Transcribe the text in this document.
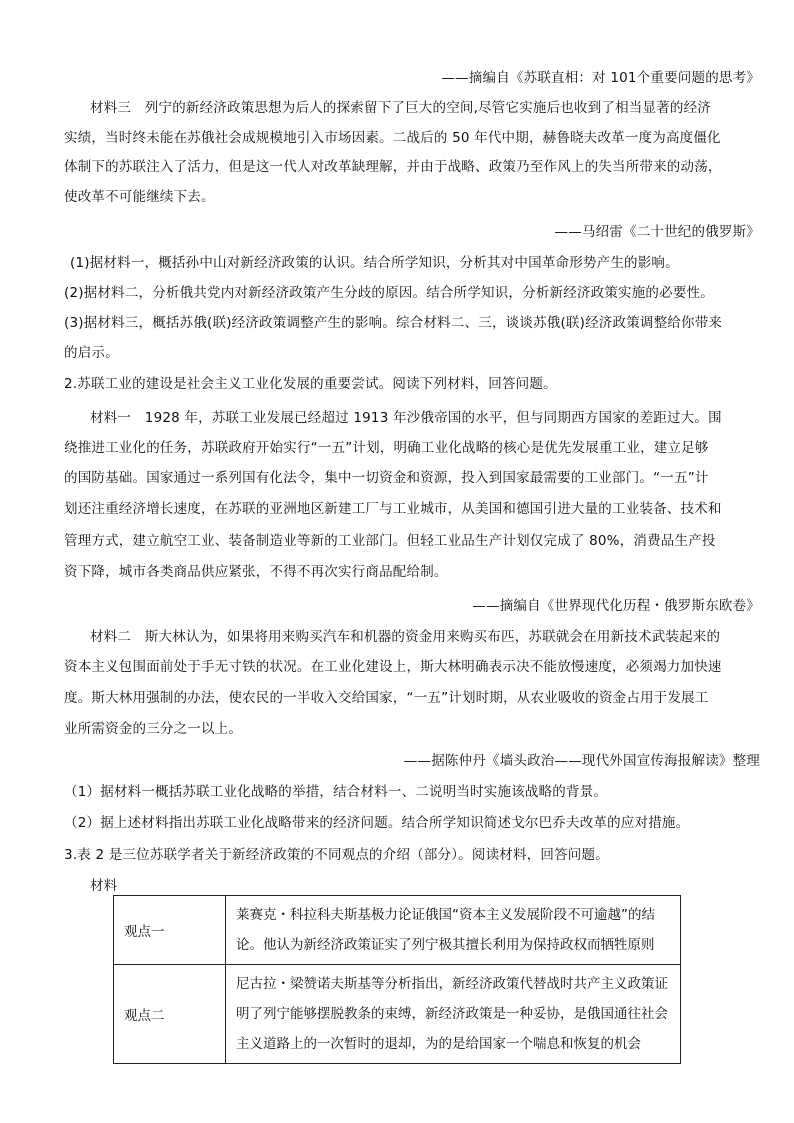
——摘编自《苏联直相：对 101个重要问题的思考》
材料三　列宁的新经济政策思想为后人的探索留下了巨大的空间,尽管它实施后也收到了相当显著的经济
实绩，当时终未能在苏俄社会成规模地引入市场因素。二战后的 50 年代中期，赫鲁晓夫改革一度为高度僵化
体制下的苏联注入了活力，但是这一代人对改革缺理解，并由于战略、政策乃至作风上的失当所带来的动荡，
使改革不可能继续下去。
——马绍雷《二十世纪的俄罗斯》
(1)据材料一，概括孙中山对新经济政策的认识。结合所学知识，分析其对中国革命形势产生的影响。
(2)据材料二，分析俄共党内对新经济政策产生分歧的原因。结合所学知识，分析新经济政策实施的必要性。
(3)据材料三，概括苏俄(联)经济政策调整产生的影响。综合材料二、三，谈谈苏俄(联)经济政策调整给你带来
的启示。
2.苏联工业的建设是社会主义工业化发展的重要尝试。阅读下列材料，回答问题。
材料一　1928 年，苏联工业发展已经超过 1913 年沙俄帝国的水平，但与同期西方国家的差距过大。围
绕推进工业化的任务，苏联政府开始实行“一五”计划，明确工业化战略的核心是优先发展重工业，建立足够
的国防基础。国家通过一系列国有化法令，集中一切资金和资源，投入到国家最需要的工业部门。“一五”计
划还注重经济增长速度，在苏联的亚洲地区新建工厂与工业城市，从美国和德国引进大量的工业装备、技术和
管理方式，建立航空工业、装备制造业等新的工业部门。但轻工业品生产计划仅完成了 80%，消费品生产投
资下降，城市各类商品供应紧张，不得不再次实行商品配给制。
——摘编自《世界现代化历程・俄罗斯东欧卷》
材料二　斯大林认为，如果将用来购买汽车和机器的资金用来购买布匹，苏联就会在用新技术武装起来的
资本主义包围面前处于手无寸铁的状况。在工业化建设上，斯大林明确表示决不能放慢速度，必须竭力加快速
度。斯大林用强制的办法，使农民的一半收入交给国家，“一五”计划时期，从农业吸收的资金占用于发展工
业所需资金的三分之一以上。
——据陈仲丹《墙头政治——现代外国宣传海报解读》整理
（1）据材料一概括苏联工业化战略的举措，结合材料一、二说明当时实施该战略的背景。
（2）据上述材料指出苏联工业化战略带来的经济问题。结合所学知识简述戈尔巴乔夫改革的应对措施。
3.表 2 是三位苏联学者关于新经济政策的不同观点的介绍（部分）。阅读材料，回答问题。
材料
观点一	莱赛克・科拉科夫斯基极力论证俄国“资本主义发展阶段不可逾越”的结
论。他认为新经济政策证实了列宁极其擅长利用为保持政权而牺牲原则

观点二	尼古拉・梁赞诺夫斯基等分析指出，新经济政策代替战时共产主义政策证
明了列宁能够摆脱教条的束缚，新经济政策是一种妥协，是俄国通往社会
主义道路上的一次暂时的退却，为的是给国家一个喘息和恢复的机会
